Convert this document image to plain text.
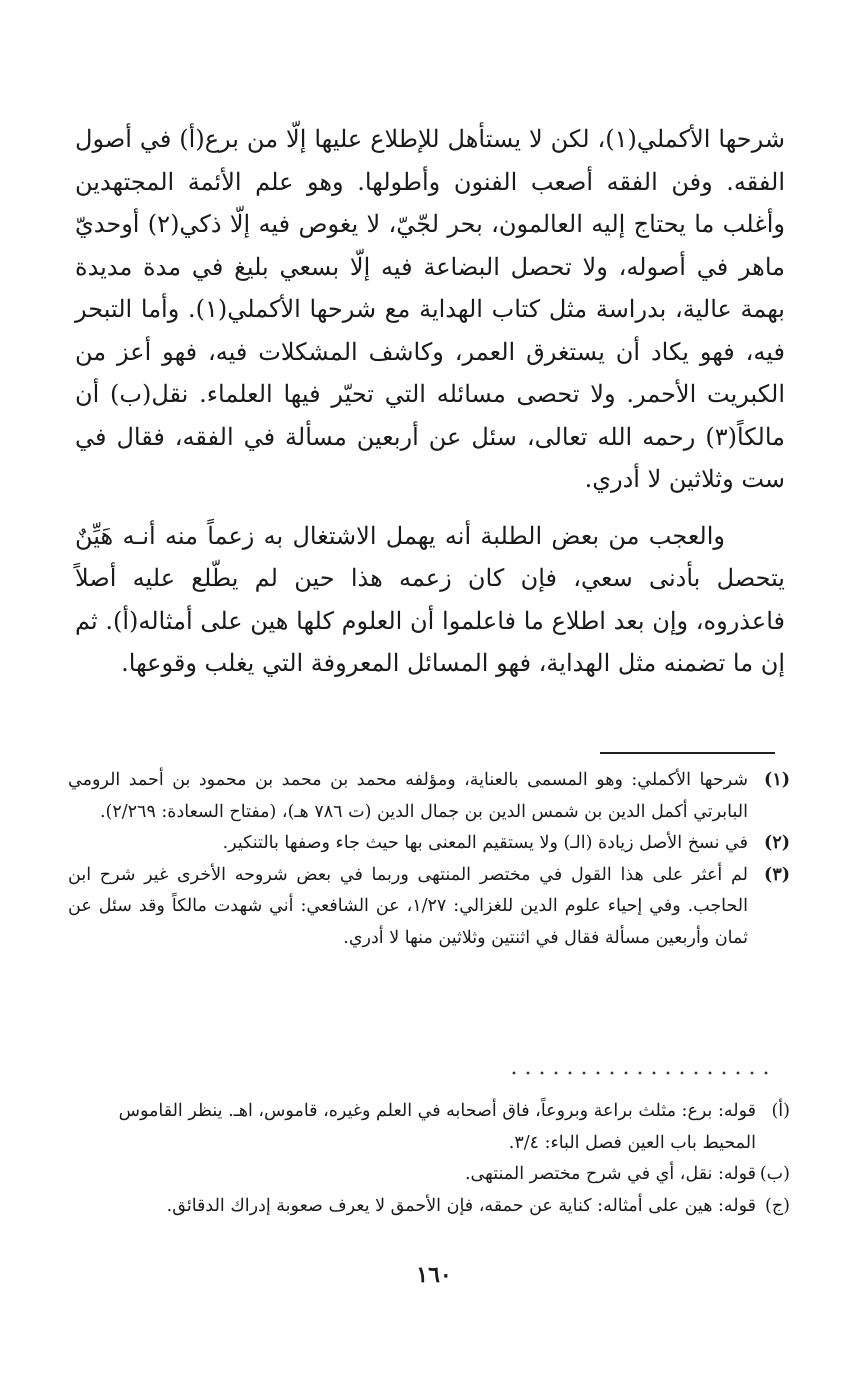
شرحها الأكملي(١)، لكن لا يستأهل للإطلاع عليها إلّا من برع(أ) في أصول الفقه. وفن الفقه أصعب الفنون وأطولها. وهو علم الأئمة المجتهدين وأغلب ما يحتاج إليه العالمون، بحر لجّيّ، لا يغوص فيه إلّا ذكي(٢) أوحديّ ماهر في أصوله، ولا تحصل البضاعة فيه إلّا بسعي بليغ في مدة مديدة بهمة عالية، بدراسة مثل كتاب الهداية مع شرحها الأكملي(١). وأما التبحر فيه، فهو يكاد أن يستغرق العمر، وكاشف المشكلات فيه، فهو أعز من الكبريت الأحمر. ولا تحصى مسائله التي تحيّر فيها العلماء. نقل(ب) أن مالكاً(٣) رحمه الله تعالى، سئل عن أربعين مسألة في الفقه، فقال في ست وثلاثين لا أدري.

والعجب من بعض الطلبة أنه يهمل الاشتغال به زعماً منه أنـه هَيِّنٌ يتحصل بأدنى سعي، فإن كان زعمه هذا حين لم يطّلع عليه أصلاً فاعذروه، وإن بعد اطلاع ما فاعلموا أن العلوم كلها هين على أمثاله(أ). ثم إن ما تضمنه مثل الهداية، فهو المسائل المعروفة التي يغلب وقوعها.

(١)
شرحها الأكملي: وهو المسمى بالعناية، ومؤلفه محمد بن محمد بن محمود بن أحمد الرومي البابرتي أكمل الدين بن شمس الدين بن جمال الدين (ت ٧٨٦ هـ)، (مفتاح السعادة: ٢/٢٦٩).
(٢)
في نسخ الأصل زيادة (الـ) ولا يستقيم المعنى بها حيث جاء وصفها بالتنكير.
(٣)
لم أعثر على هذا القول في مختصر المنتهى وربما في بعض شروحه الأخرى غير شرح ابن الحاجب. وفي إحياء علوم الدين للغزالي: ١/٢٧، عن الشافعي: أني شهدت مالكاً وقد سئل عن ثمان وأربعين مسألة فقال في اثنتين وثلاثين منها لا أدري.
(أ)
قوله: برع: مثلث براعة وبروعاً، فاق أصحابه في العلم وغيره، قاموس، اهـ. ينظر القاموس المحيط باب العين فصل الباء: ٣/٤.
(ب)
قوله: نقل، أي في شرح مختصر المنتهى.
(ج)
قوله: هين على أمثاله: كناية عن حمقه، فإن الأحمق لا يعرف صعوبة إدراك الدقائق.
١٦٠
